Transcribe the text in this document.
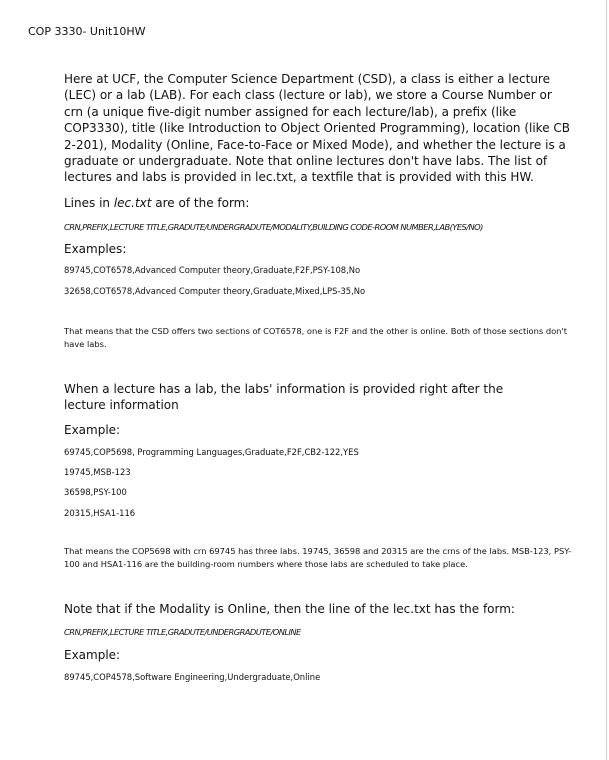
COP 3330- Unit10HW

Here at UCF, the Computer Science Department (CSD), a class is either a lecture (LEC) or a lab (LAB). For each class (lecture or lab), we store a Course Number or crn (a unique five-digit number assigned for each lecture/lab), a prefix (like COP3330), title (like Introduction to Object Oriented Programming), location (like CB 2-201), Modality (Online, Face-to-Face or Mixed Mode), and whether the lecture is a graduate or undergraduate. Note that online lectures don't have labs. The list of lectures and labs is provided in lec.txt, a textfile that is provided with this HW.

Lines in lec.txt are of the form:

CRN,PREFIX,LECTURE TITLE,GRADUTE/UNDERGRADUTE/MODALITY,BUILDING CODE-ROOM NUMBER,LAB(YES/NO)

Examples:

89745,COT6578,Advanced Computer theory,Graduate,F2F,PSY-108,No
32658,COT6578,Advanced Computer theory,Graduate,Mixed,LPS-35,No
That means that the CSD offers two sections of COT6578, one is F2F and the other is online. Both of those sections don't have labs.
When a lecture has a lab, the labs' information is provided right after the lecture information

Example:

69745,COP5698, Programming Languages,Graduate,F2F,CB2-122,YES
19745,MSB-123
36598,PSY-100
20315,HSA1-116
That means the COP5698 with crn 69745 has three labs. 19745, 36598 and 20315 are the crns of the labs. MSB-123, PSY-100 and HSA1-116 are the building-room numbers where those labs are scheduled to take place.

Note that if the Modality is Online, then the line of the lec.txt has the form:

CRN,PREFIX,LECTURE TITLE,GRADUTE/UNDERGRADUTE/ONLINE

Example:

89745,COP4578,Software Engineering,Undergraduate,Online
